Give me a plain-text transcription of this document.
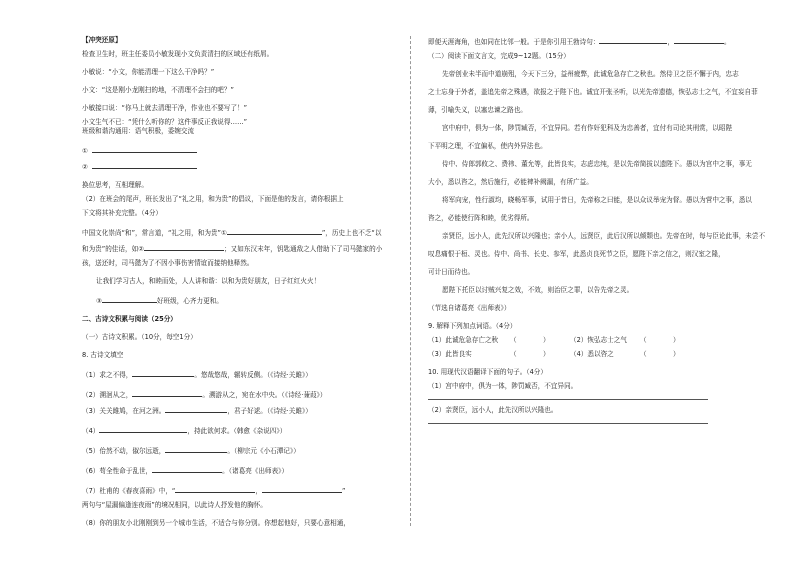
【冲突还原】

检查卫生时，班主任委员小敏发现小文负责清扫的区域还有纸屑。

小敏说：“小文，你能清理一下这么干净吗？”

小文：“这是刚小龙刚扫的地，不清理不会扫的吧？”

小敏接口说：“你马上就去清理干净，作业也不要写了！”

小文生气不已：“凭什么听你的？这件事反正我说得……”

班级和谐沟通用：语气积极，委婉交流

①

②

换位思考，互相理解。

（2）在班会的尾声，班长发出了“礼之用，和为贵”的倡议，下面是他的发言，请你根据上

下文将其补充完整。（4分）

中国文化崇尚“和”，常言道，“礼之用，和为贵”①	”，历史上也不乏“以

和为贵”的佳话，如②	；又如东汉末年，钥匙通敌之人借助下了司马懿家的小

孩，送还时，司马懿为了不因小事伤害情谊而接纳他释然。

让我们学习古人，和睦而处，人人讲和谐：以和为贵好朋友，日子红红火火！

③	好班级，心齐力更和。

二、古诗文积累与阅读（25分）

（一）古诗文积累。（10分，每空1分）

8. 古诗文填空

（1）求之不得，	。悠哉悠哉，辗转反侧。（《诗经·关雎》）

（2）溯洄从之，	。溯游从之，宛在水中央。（《诗经·蒹葭》）

（3）关关雎鸠，在河之洲。	，君子好逑。（《诗经·关雎》）

（4）	，持此欲何求。（韩愈《杂说四》）

（5）佁然不动，俶尔远逝，	。（柳宗元《小石潭记》）

（6）苟全性命于乱世，	。（诸葛亮《出师表》）

（7）杜甫的《春夜喜雨》中，“	，	”

两句与“屋漏偏逢连夜雨”的境况相同，以此诗人抒发他的胸怀。

（8）你的朋友小北刚刚到另一个城市生活，不适合与你分别。你想起他好，只要心意相通，

即便天涯海角，也如同在比邻一般。于是你引用王勃诗句：	，	。

（二）阅读下面文言文，完成9~12题。（15分）

先帝创业未半而中道崩殂，今天下三分，益州疲弊，此诚危急存亡之秋也。然侍卫之臣不懈于内，忠志

之士忘身于外者，盖追先帝之殊遇，欲报之于陛下也。诚宜开张圣听，以光先帝遗德，恢弘志士之气，不宜妄自菲

薄，引喻失义，以塞忠谏之路也。

宫中府中，俱为一体，陟罚臧否，不宜异同。若有作奸犯科及为忠善者，宜付有司论其刑赏，以昭陛

下平明之理，不宜偏私，使内外异法也。

侍中、侍郎郭攸之、费祎、董允等，此皆良实，志虑忠纯，是以先帝简拔以遗陛下。愚以为宫中之事，事无

大小，悉以咨之，然后施行，必能裨补阙漏，有所广益。

将军向宠，性行淑均，晓畅军事，试用于昔日，先帝称之曰能，是以众议举宠为督。愚以为营中之事，悉以

咨之，必能使行阵和睦，优劣得所。

亲贤臣，远小人，此先汉所以兴隆也；亲小人，远贤臣，此后汉所以倾颓也。先帝在时，每与臣论此事，未尝不

叹息痛恨于桓、灵也。侍中、尚书、长史、参军，此悉贞良死节之臣，愿陛下亲之信之，则汉室之隆，

可计日而待也。

愿陛下托臣以讨贼兴复之效，不效，则治臣之罪，以告先帝之灵。

（节选自诸葛亮《出师表》）

9. 解释下列加点词语。（4分）

（1）此诚危急存亡之秋 （　　　　）	（2）恢弘志士之气 （　　　　）

（3）此皆良实	（　　　　）	（4）悉以咨之	（　　　　）

10. 用现代汉语翻译下面的句子。（4分）

（1）宫中府中，俱为一体，陟罚臧否，不宜异同。

（2）亲贤臣，远小人，此先汉所以兴隆也。
